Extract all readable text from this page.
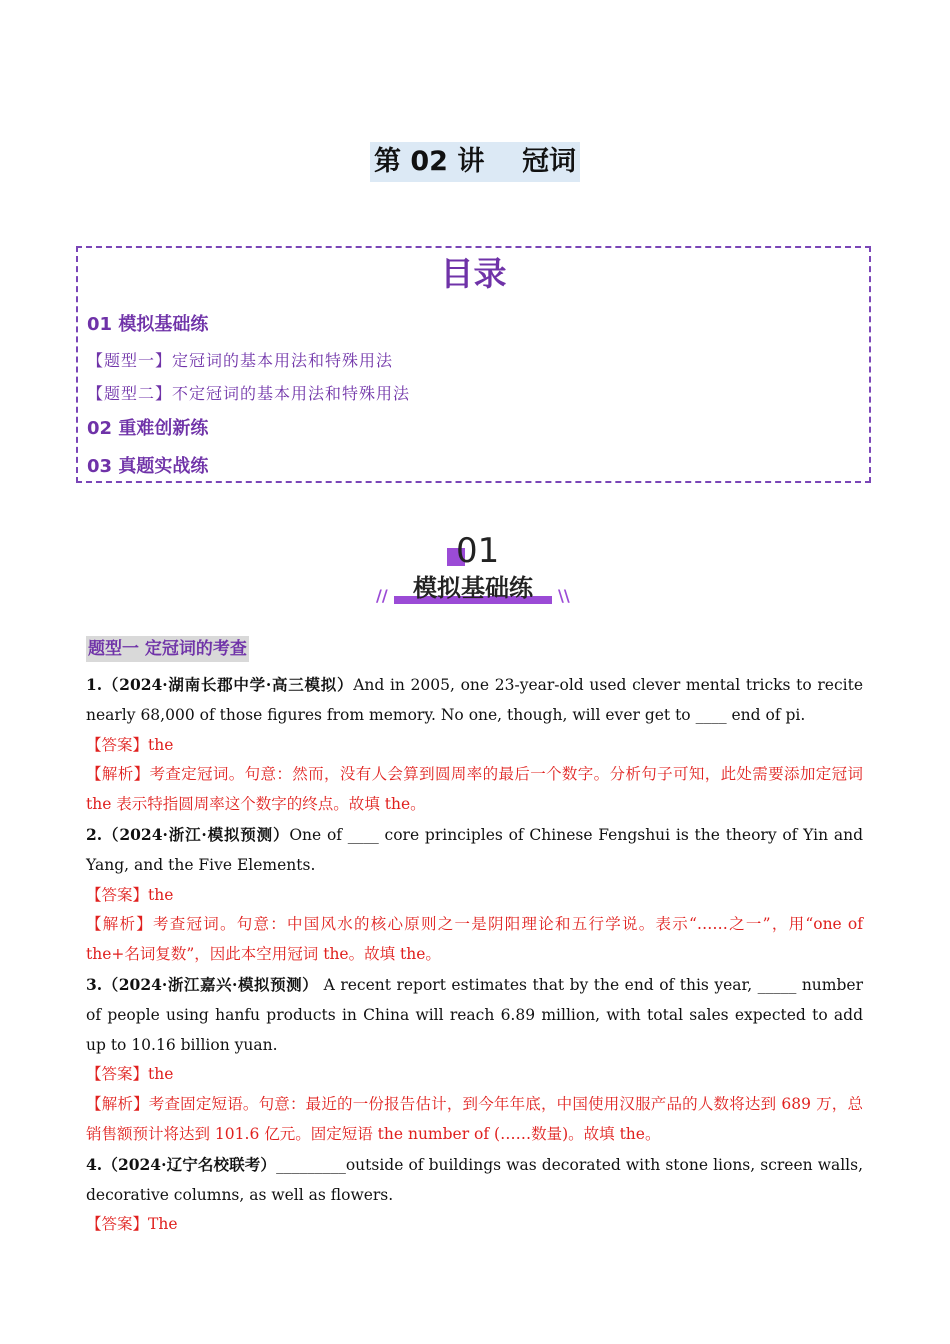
第 02 讲    冠词
目录
01 模拟基础练
【题型一】定冠词的基本用法和特殊用法
【题型二】不定冠词的基本用法和特殊用法
02 重难创新练
03 真题实战练
01
模拟基础练
//	\\
题型一 定冠词的考查

1.（2024·湖南长郡中学·高三模拟）And in 2005, one 23-year-old used clever mental tricks to recite nearly 68,000 of those figures from memory. No one, though, will ever get to ____ end of pi.

【答案】the

【解析】考查定冠词。句意：然而，没有人会算到圆周率的最后一个数字。分析句子可知，此处需要添加定冠词 the 表示特指圆周率这个数字的终点。故填 the。

2.（2024·浙江·模拟预测）One of ____ core principles of Chinese Fengshui is the theory of Yin and Yang, and the Five Elements.

【答案】the

【解析】考查冠词。句意：中国风水的核心原则之一是阴阳理论和五行学说。表示“……之一”，用“one of the+名词复数”，因此本空用冠词 the。故填 the。

3.（2024·浙江嘉兴·模拟预测） A recent report estimates that by the end of this year, _____ number of people using hanfu products in China will reach 6.89 million, with total sales expected to add up to 10.16 billion yuan.

【答案】the

【解析】考查固定短语。句意：最近的一份报告估计，到今年年底，中国使用汉服产品的人数将达到 689 万，总销售额预计将达到 101.6 亿元。固定短语 the number of (……数量)。故填 the。

4.（2024·辽宁名校联考）_________outside of buildings was decorated with stone lions, screen walls, decorative columns, as well as flowers.

【答案】The
